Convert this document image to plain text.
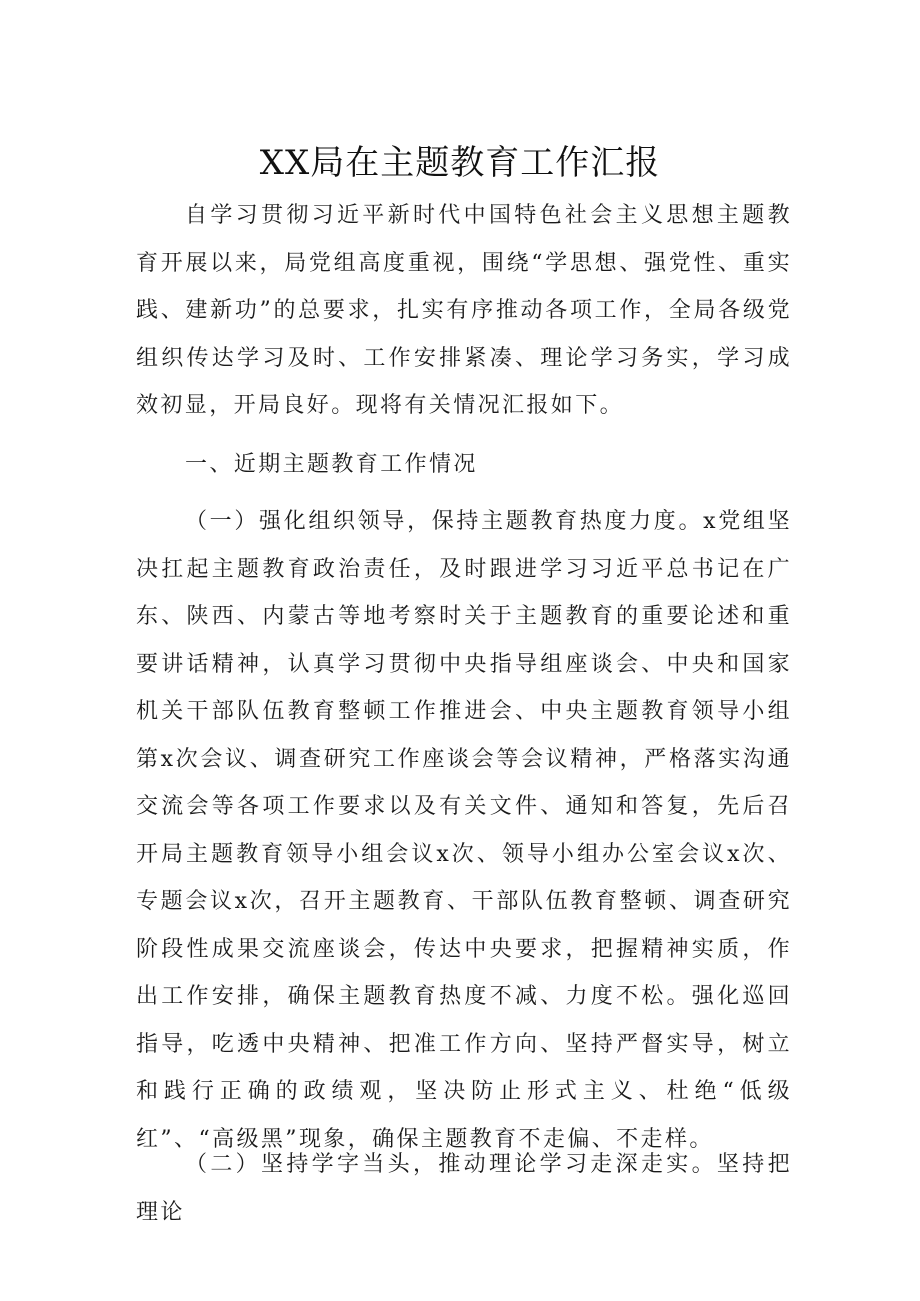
XX局在主题教育工作汇报

自学习贯彻习近平新时代中国特色社会主义思想主题教育开展以来，局党组高度重视，围绕“学思想、强党性、重实践、建新功”的总要求，扎实有序推动各项工作，全局各级党组织传达学习及时、工作安排紧凑、理论学习务实，学习成效初显，开局良好。现将有关情况汇报如下。

一、近期主题教育工作情况

（一）强化组织领导，保持主题教育热度力度。x党组坚决扛起主题教育政治责任，及时跟进学习习近平总书记在广东、陕西、内蒙古等地考察时关于主题教育的重要论述和重要讲话精神，认真学习贯彻中央指导组座谈会、中央和国家机关干部队伍教育整顿工作推进会、中央主题教育领导小组第x次会议、调查研究工作座谈会等会议精神，严格落实沟通交流会等各项工作要求以及有关文件、通知和答复，先后召开局主题教育领导小组会议x次、领导小组办公室会议x次、专题会议x次，召开主题教育、干部队伍教育整顿、调查研究阶段性成果交流座谈会，传达中央要求，把握精神实质，作出工作安排，确保主题教育热度不减、力度不松。强化巡回指导，吃透中央精神、把准工作方向、坚持严督实导，树立和践行正确的政绩观，坚决防止形式主义、杜绝“低级红”、“高级黑”现象，确保主题教育不走偏、不走样。

（二）坚持学字当头，推动理论学习走深走实。坚持把理论
